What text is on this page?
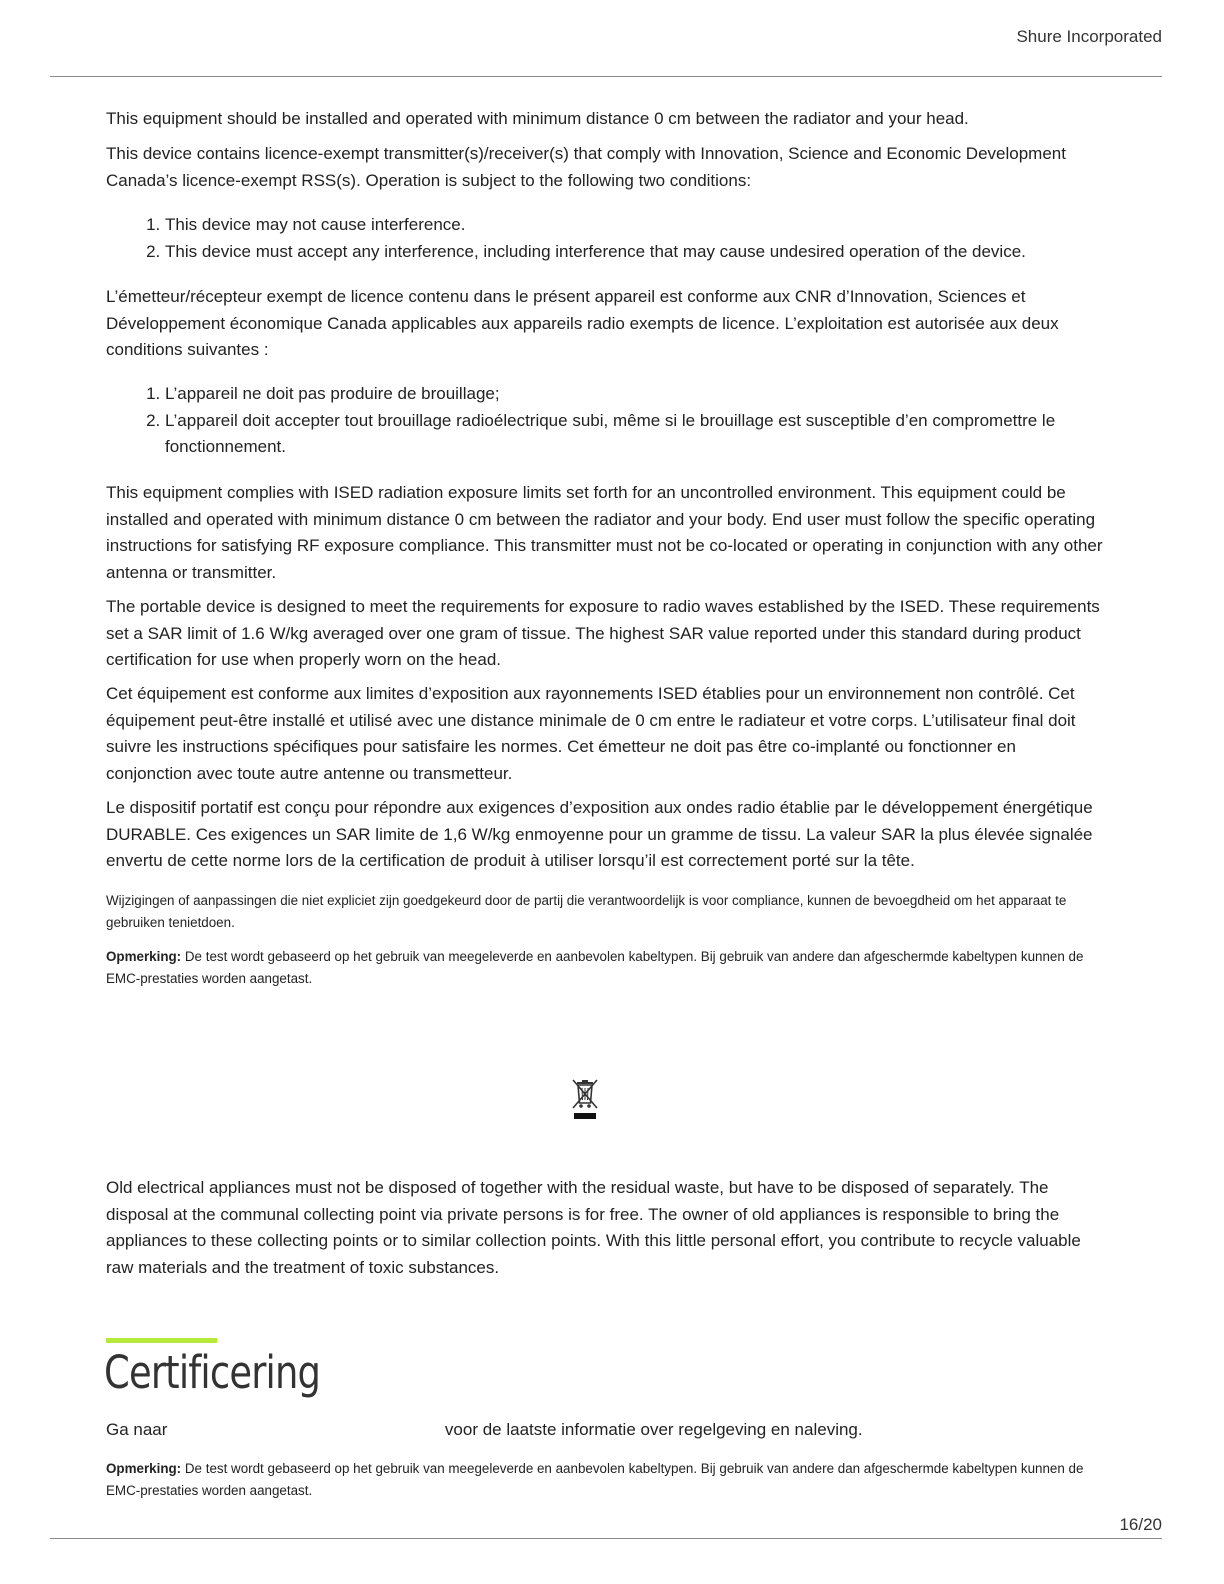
Shure Incorporated

This equipment should be installed and operated with minimum distance 0 cm between the radiator and your head.

This device contains licence-exempt transmitter(s)/receiver(s) that comply with Innovation, Science and Economic Development Canada’s licence-exempt RSS(s). Operation is subject to the following two conditions:

1. This device may not cause interference.
2. This device must accept any interference, including interference that may cause undesired operation of the device.

L’émetteur/récepteur exempt de licence contenu dans le présent appareil est conforme aux CNR d’Innovation, Sciences et Développement économique Canada applicables aux appareils radio exempts de licence. L’exploitation est autorisée aux deux conditions suivantes :

1. L’appareil ne doit pas produire de brouillage;
2. L’appareil doit accepter tout brouillage radioélectrique subi, même si le brouillage est susceptible d’en compromettre le fonctionnement.

This equipment complies with ISED radiation exposure limits set forth for an uncontrolled environment. This equipment could be installed and operated with minimum distance 0 cm between the radiator and your body. End user must follow the specific operating instructions for satisfying RF exposure compliance. This transmitter must not be co-located or operating in conjunction with any other antenna or transmitter.

The portable device is designed to meet the requirements for exposure to radio waves established by the ISED. These requirements set a SAR limit of 1.6 W/kg averaged over one gram of tissue. The highest SAR value reported under this standard during product certification for use when properly worn on the head.

Cet équipement est conforme aux limites d’exposition aux rayonnements ISED établies pour un environnement non contrôlé. Cet équipement peut-être installé et utilisé avec une distance minimale de 0 cm entre le radiateur et votre corps. L’utilisateur final doit suivre les instructions spécifiques pour satisfaire les normes. Cet émetteur ne doit pas être co-implanté ou fonctionner en conjonction avec toute autre antenne ou transmetteur.

Le dispositif portatif est conçu pour répondre aux exigences d’exposition aux ondes radio établie par le développement énergétique DURABLE. Ces exigences un SAR limite de 1,6 W/kg enmoyenne pour un gramme de tissu. La valeur SAR la plus élevée signalée envertu de cette norme lors de la certification de produit à utiliser lorsqu’il est correctement porté sur la tête.

Wijzigingen of aanpassingen die niet expliciet zijn goedgekeurd door de partij die verantwoordelijk is voor compliance, kunnen de bevoegdheid om het apparaat te gebruiken tenietdoen.

Opmerking: De test wordt gebaseerd op het gebruik van meegeleverde en aanbevolen kabeltypen. Bij gebruik van andere dan afgeschermde kabeltypen kunnen de EMC-prestaties worden aangetast.

Old electrical appliances must not be disposed of together with the residual waste, but have to be disposed of separately. The disposal at the communal collecting point via private persons is for free. The owner of old appliances is responsible to bring the appliances to these collecting points or to similar collection points. With this little personal effort, you contribute to recycle valuable raw materials and the treatment of toxic substances.

Ga naar	voor de laatste informatie over regelgeving en naleving.

Opmerking: De test wordt gebaseerd op het gebruik van meegeleverde en aanbevolen kabeltypen. Bij gebruik van andere dan afgeschermde kabeltypen kunnen de EMC-prestaties worden aangetast.

Certificering
16/20
